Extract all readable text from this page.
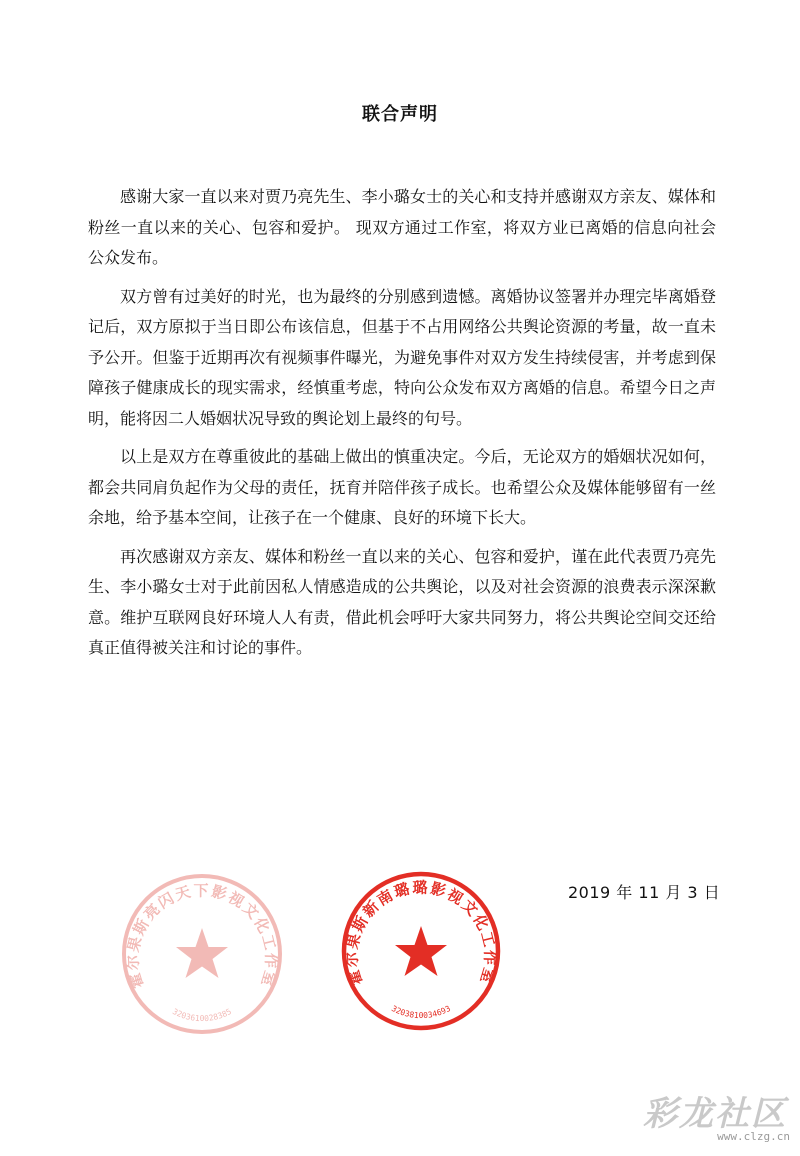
联合声明

感谢大家一直以来对贾乃亮先生、李小璐女士的关心和支持并感谢双方亲友、媒体和粉丝一直以来的关心、包容和爱护。 现双方通过工作室，将双方业已离婚的信息向社会公众发布。

双方曾有过美好的时光，也为最终的分别感到遗憾。离婚协议签署并办理完毕离婚登记后，双方原拟于当日即公布该信息，但基于不占用网络公共舆论资源的考量，故一直未予公开。但鉴于近期再次有视频事件曝光，为避免事件对双方发生持续侵害，并考虑到保障孩子健康成长的现实需求，经慎重考虑，特向公众发布双方离婚的信息。希望今日之声明，能将因二人婚姻状况导致的舆论划上最终的句号。

以上是双方在尊重彼此的基础上做出的慎重决定。今后，无论双方的婚姻状况如何，都会共同肩负起作为父母的责任，抚育并陪伴孩子成长。也希望公众及媒体能够留有一丝余地，给予基本空间，让孩子在一个健康、良好的环境下长大。

再次感谢双方亲友、媒体和粉丝一直以来的关心、包容和爱护，谨在此代表贾乃亮先生、李小璐女士对于此前因私人情感造成的公共舆论，以及对社会资源的浪费表示深深歉意。维护互联网良好环境人人有责，借此机会呼吁大家共同努力，将公共舆论空间交还给真正值得被关注和讨论的事件。

2019 年 11 月 3 日
霍尔果斯亮闪天下影视文化工作室
3203610028385
霍尔果斯新南璐璐影视文化工作室
3203810034693
彩龙社区
www.clzg.cn
